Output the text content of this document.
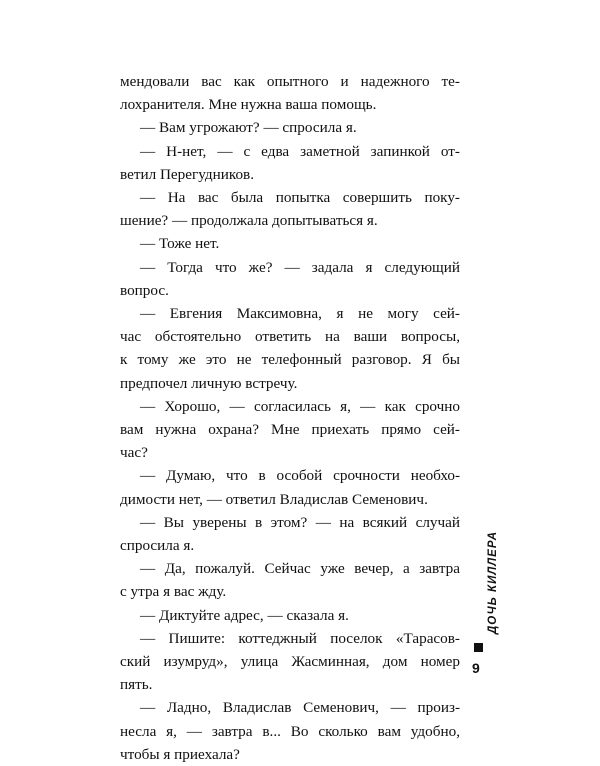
мендовали вас как опытного и надежного те-
лохранителя. Мне нужна ваша помощь.
— Вам угрожают? — спросила я.
— Н-нет, — с едва заметной запинкой от-
ветил Перегудников.
— На вас была попытка совершить поку-
шение? — продолжала допытываться я.
— Тоже нет.
— Тогда что же? — задала я следующий
вопрос.
— Евгения Максимовна, я не могу сей-
час обстоятельно ответить на ваши вопросы,
к тому же это не телефонный разговор. Я бы
предпочел личную встречу.
— Хорошо, — согласилась я, — как срочно
вам нужна охрана? Мне приехать прямо сей-
час?
— Думаю, что в особой срочности необхо-
димости нет, — ответил Владислав Семенович.
— Вы уверены в этом? — на всякий случай
спросила я.
— Да, пожалуй. Сейчас уже вечер, а завтра
с утра я вас жду.
— Диктуйте адрес, — сказала я.
— Пишите: коттеджный поселок «Тарасов-
ский изумруд», улица Жасминная, дом номер
пять.
— Ладно, Владислав Семенович, — произ-
несла я, — завтра в... Во сколько вам удобно,
чтобы я приехала?
ДОЧЬ КИЛЛЕРА
9
